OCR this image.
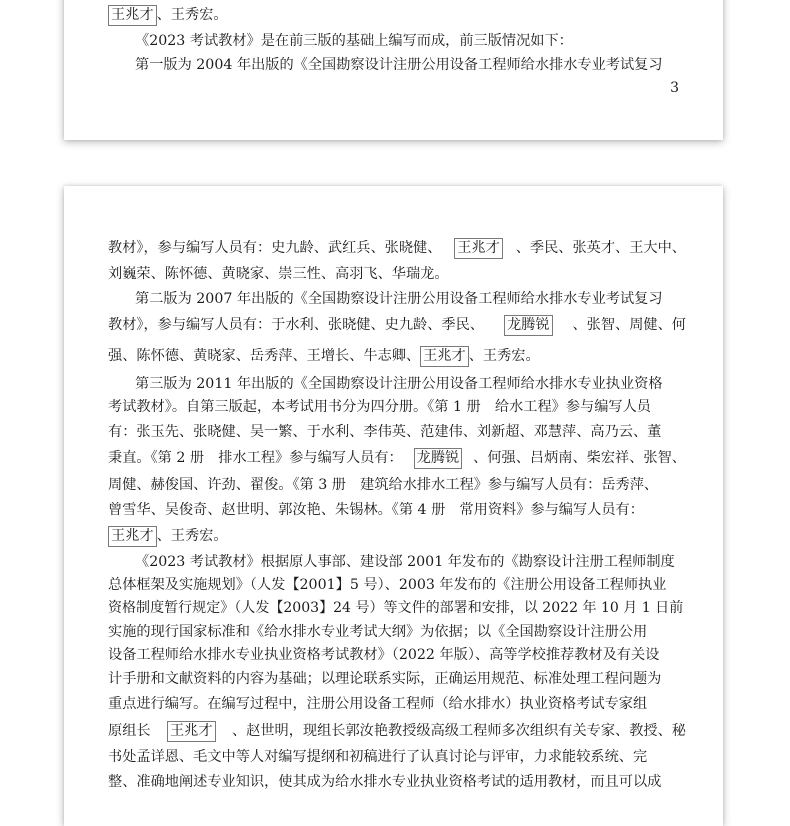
王兆才 、王秀宏。
《2023 考试教材》是在前三版的基础上编写而成，前三版情况如下：
第一版为 2004 年出版的《全国勘察设计注册公用设备工程师给水排水专业考试复习
3
教材》，参与编写人员有：史九龄、武红兵、张晓健、 王兆才 、季民、张英才、王大中、
刘巍荣、陈怀德、黄晓家、崇三性、高羽飞、华瑞龙。
第二版为 2007 年出版的《全国勘察设计注册公用设备工程师给水排水专业考试复习
教材》，参与编写人员有：于水利、张晓健、史九龄、季民、 龙腾锐 、张智、周健、何
强、陈怀德、黄晓家、岳秀萍、王增长、牛志卿、 王兆才 、王秀宏。
第三版为 2011 年出版的《全国勘察设计注册公用设备工程师给水排水专业执业资格
考试教材》。自第三版起，本考试用书分为四分册。《第 1 册　给水工程》参与编写人员
有：张玉先、张晓健、吴一繁、于水利、李伟英、范建伟、刘新超、邓慧萍、高乃云、董
秉直。《第 2 册　排水工程》参与编写人员有： 龙腾锐 、何强、吕炳南、柴宏祥、张智、
周健、赫俊国、许劲、翟俊。《第 3 册　建筑给水排水工程》参与编写人员有：岳秀萍、
曾雪华、吴俊奇、赵世明、郭汝艳、朱锡林。《第 4 册　常用资料》参与编写人员有：
王兆才 、王秀宏。
《2023 考试教材》根据原人事部、建设部 2001 年发布的《勘察设计注册工程师制度
总体框架及实施规划》（人发【2001】5 号）、2003 年发布的《注册公用设备工程师执业
资格制度暂行规定》（人发【2003】24 号）等文件的部署和安排，以 2022 年 10 月 1 日前
实施的现行国家标准和《给水排水专业考试大纲》为依据；以《全国勘察设计注册公用
设备工程师给水排水专业执业资格考试教材》（2022 年版）、高等学校推荐教材及有关设
计手册和文献资料的内容为基础；以理论联系实际，正确运用规范、标准处理工程问题为
重点进行编写。在编写过程中，注册公用设备工程师（给水排水）执业资格考试专家组
原组长 王兆才 、赵世明，现组长郭汝艳教授级高级工程师多次组织有关专家、教授、秘
书处孟详恩、毛文中等人对编写提纲和初稿进行了认真讨论与评审，力求能较系统、完
整、准确地阐述专业知识，使其成为给水排水专业执业资格考试的适用教材，而且可以成
